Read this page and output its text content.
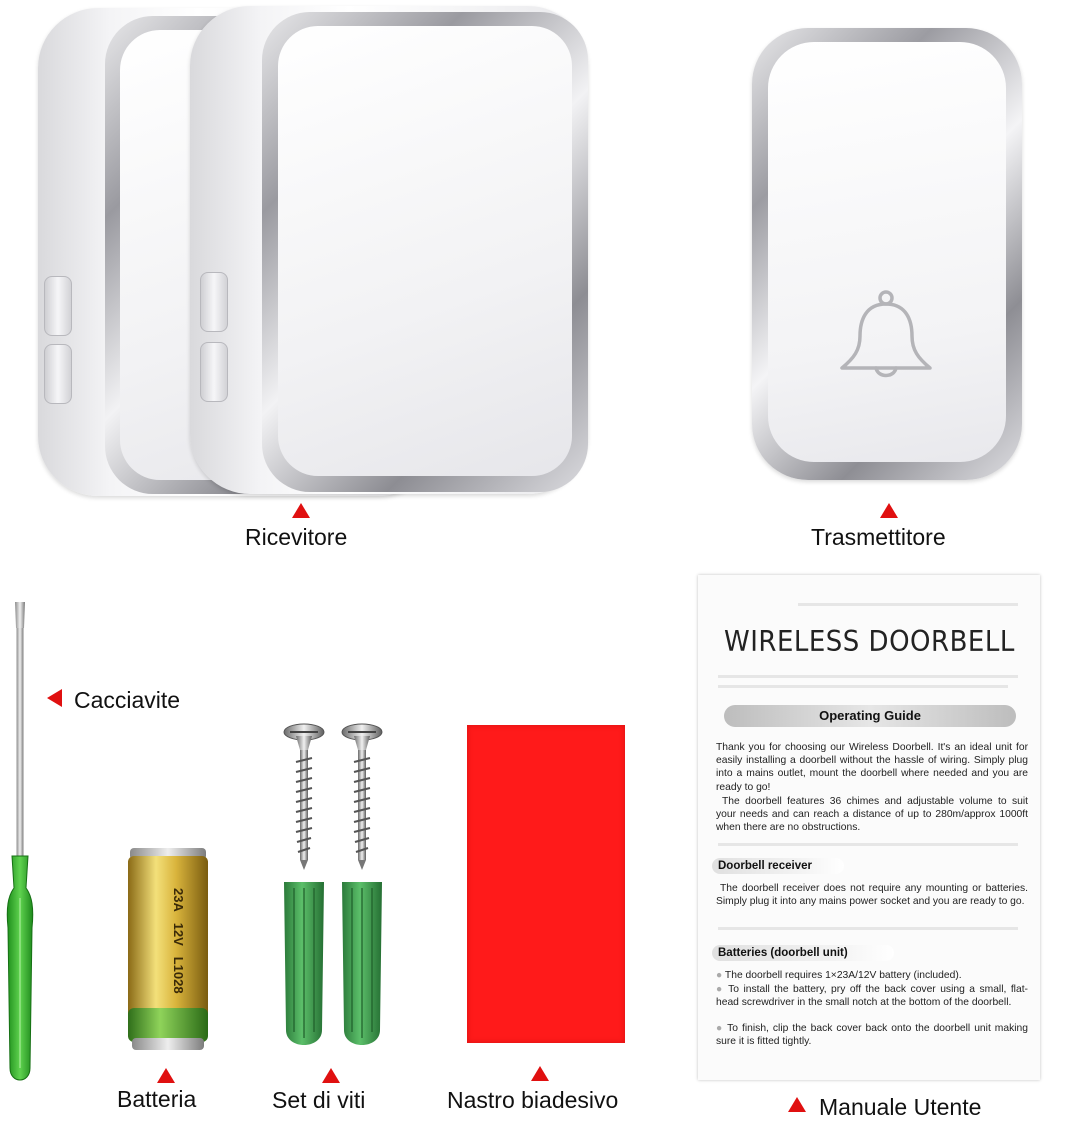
Ricevitore	Trasmettitore
Cacciavite
23A   12V   L1028
Batteria	Set di viti	Nastro biadesivo
WIRELESS DOORBELL
Operating Guide
Thank you for choosing our Wireless Doorbell. It's an ideal unit for easily installing a doorbell without the hassle of wiring. Simply plug into a mains outlet, mount the doorbell where needed and you are ready to go!
The doorbell features 36 chimes and adjustable volume to suit your needs and can reach a distance of up to 280m/approx 1000ft when there are no obstructions.
Doorbell receiver
The doorbell receiver does not require any mounting or batteries. Simply plug it into any mains power socket and you are ready to go.
Batteries (doorbell unit)
● The doorbell requires 1×23A/12V battery (included).
● To install the battery, pry off the back cover using a small, flat-head screwdriver in the small notch at the bottom of the doorbell.
● To finish, clip the back cover back onto the doorbell unit making sure it is fitted tightly.
Manuale Utente
